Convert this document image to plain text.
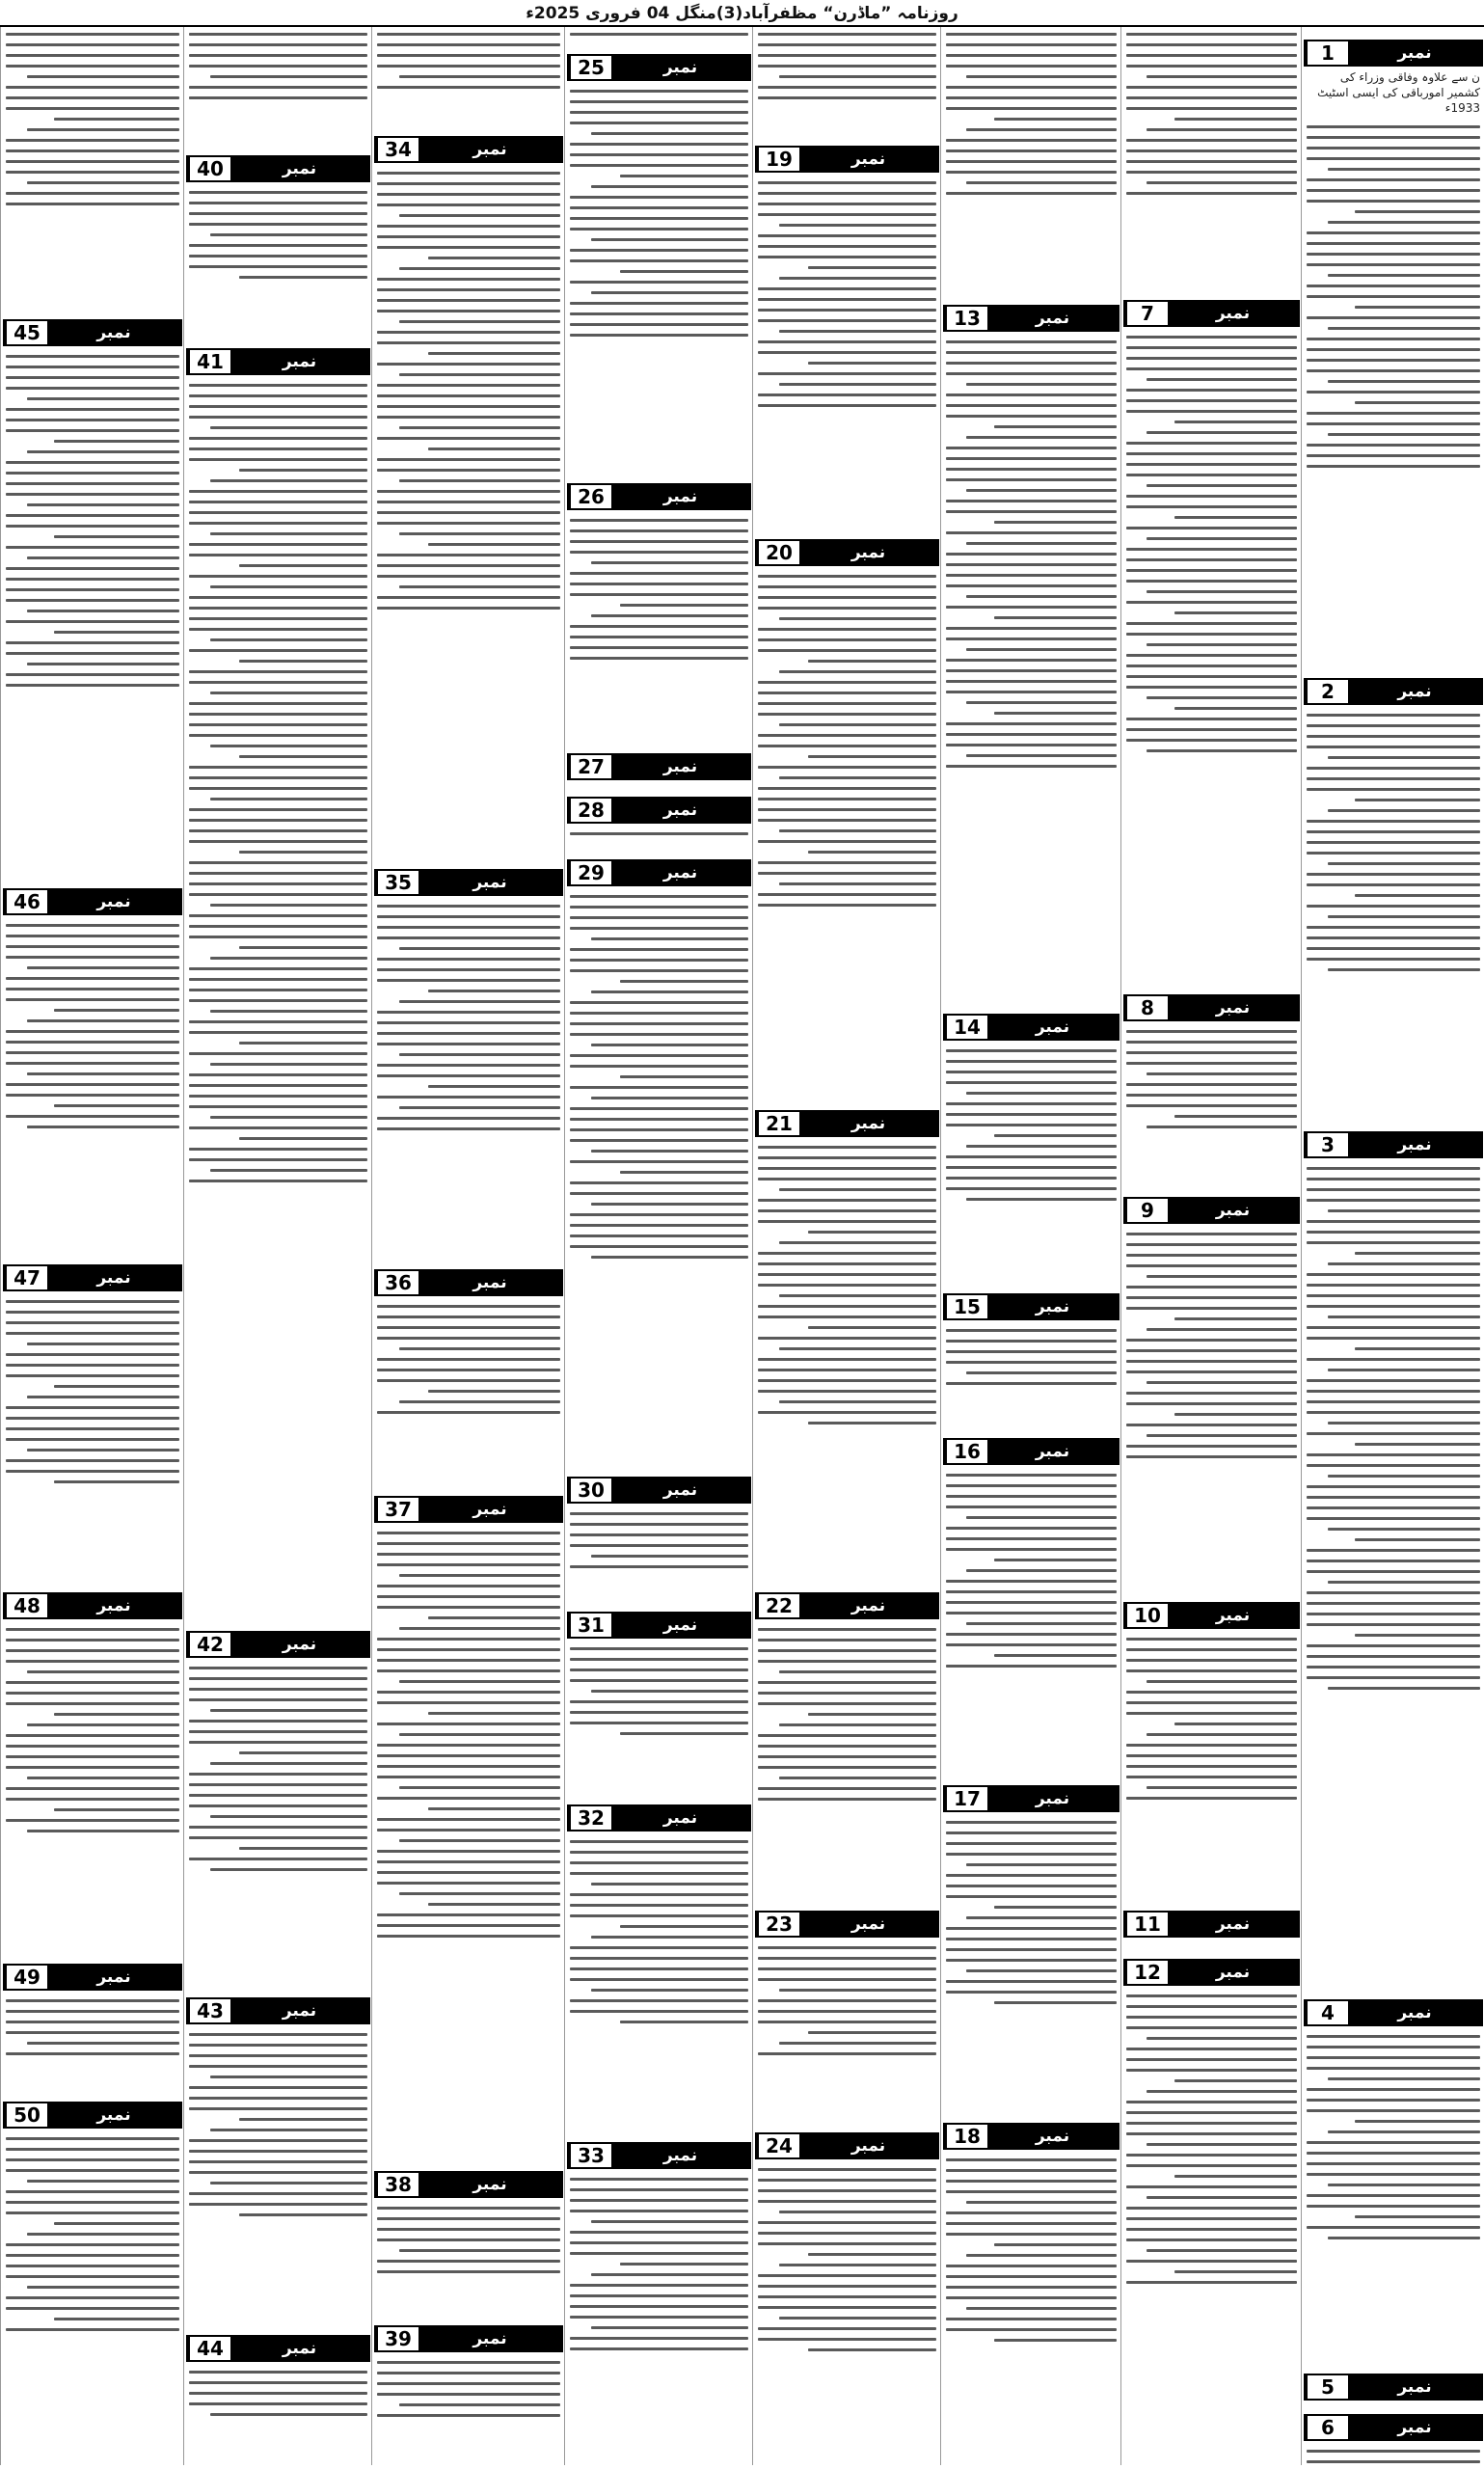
روزنامہ ”ماڈرن“ مظفرآباد(3)منگل 04 فروری 2025ء
نمبر
1
ن سے علاوہ وفاقی وزراء کی کشمیر امورباقی کی ایسی اسٹیٹ 1933ء
نمبر
2
نمبر
3
نمبر
4
نمبر
5
نمبر
6
نمبر
7
نمبر
8
نمبر
9
نمبر
10
نمبر
11
نمبر
12
نمبر
13
نمبر
14
نمبر
15
نمبر
16
نمبر
17
نمبر
18
نمبر
19
نمبر
20
نمبر
21
نمبر
22
نمبر
23
نمبر
24
نمبر
25
نمبر
26
نمبر
27
نمبر
28
نمبر
29
نمبر
30
نمبر
31
نمبر
32
نمبر
33
نمبر
34
نمبر
35
نمبر
36
نمبر
37
نمبر
38
نمبر
39
نمبر
40
نمبر
41
نمبر
42
نمبر
43
نمبر
44
نمبر
45
نمبر
46
نمبر
47
نمبر
48
نمبر
49
نمبر
50
